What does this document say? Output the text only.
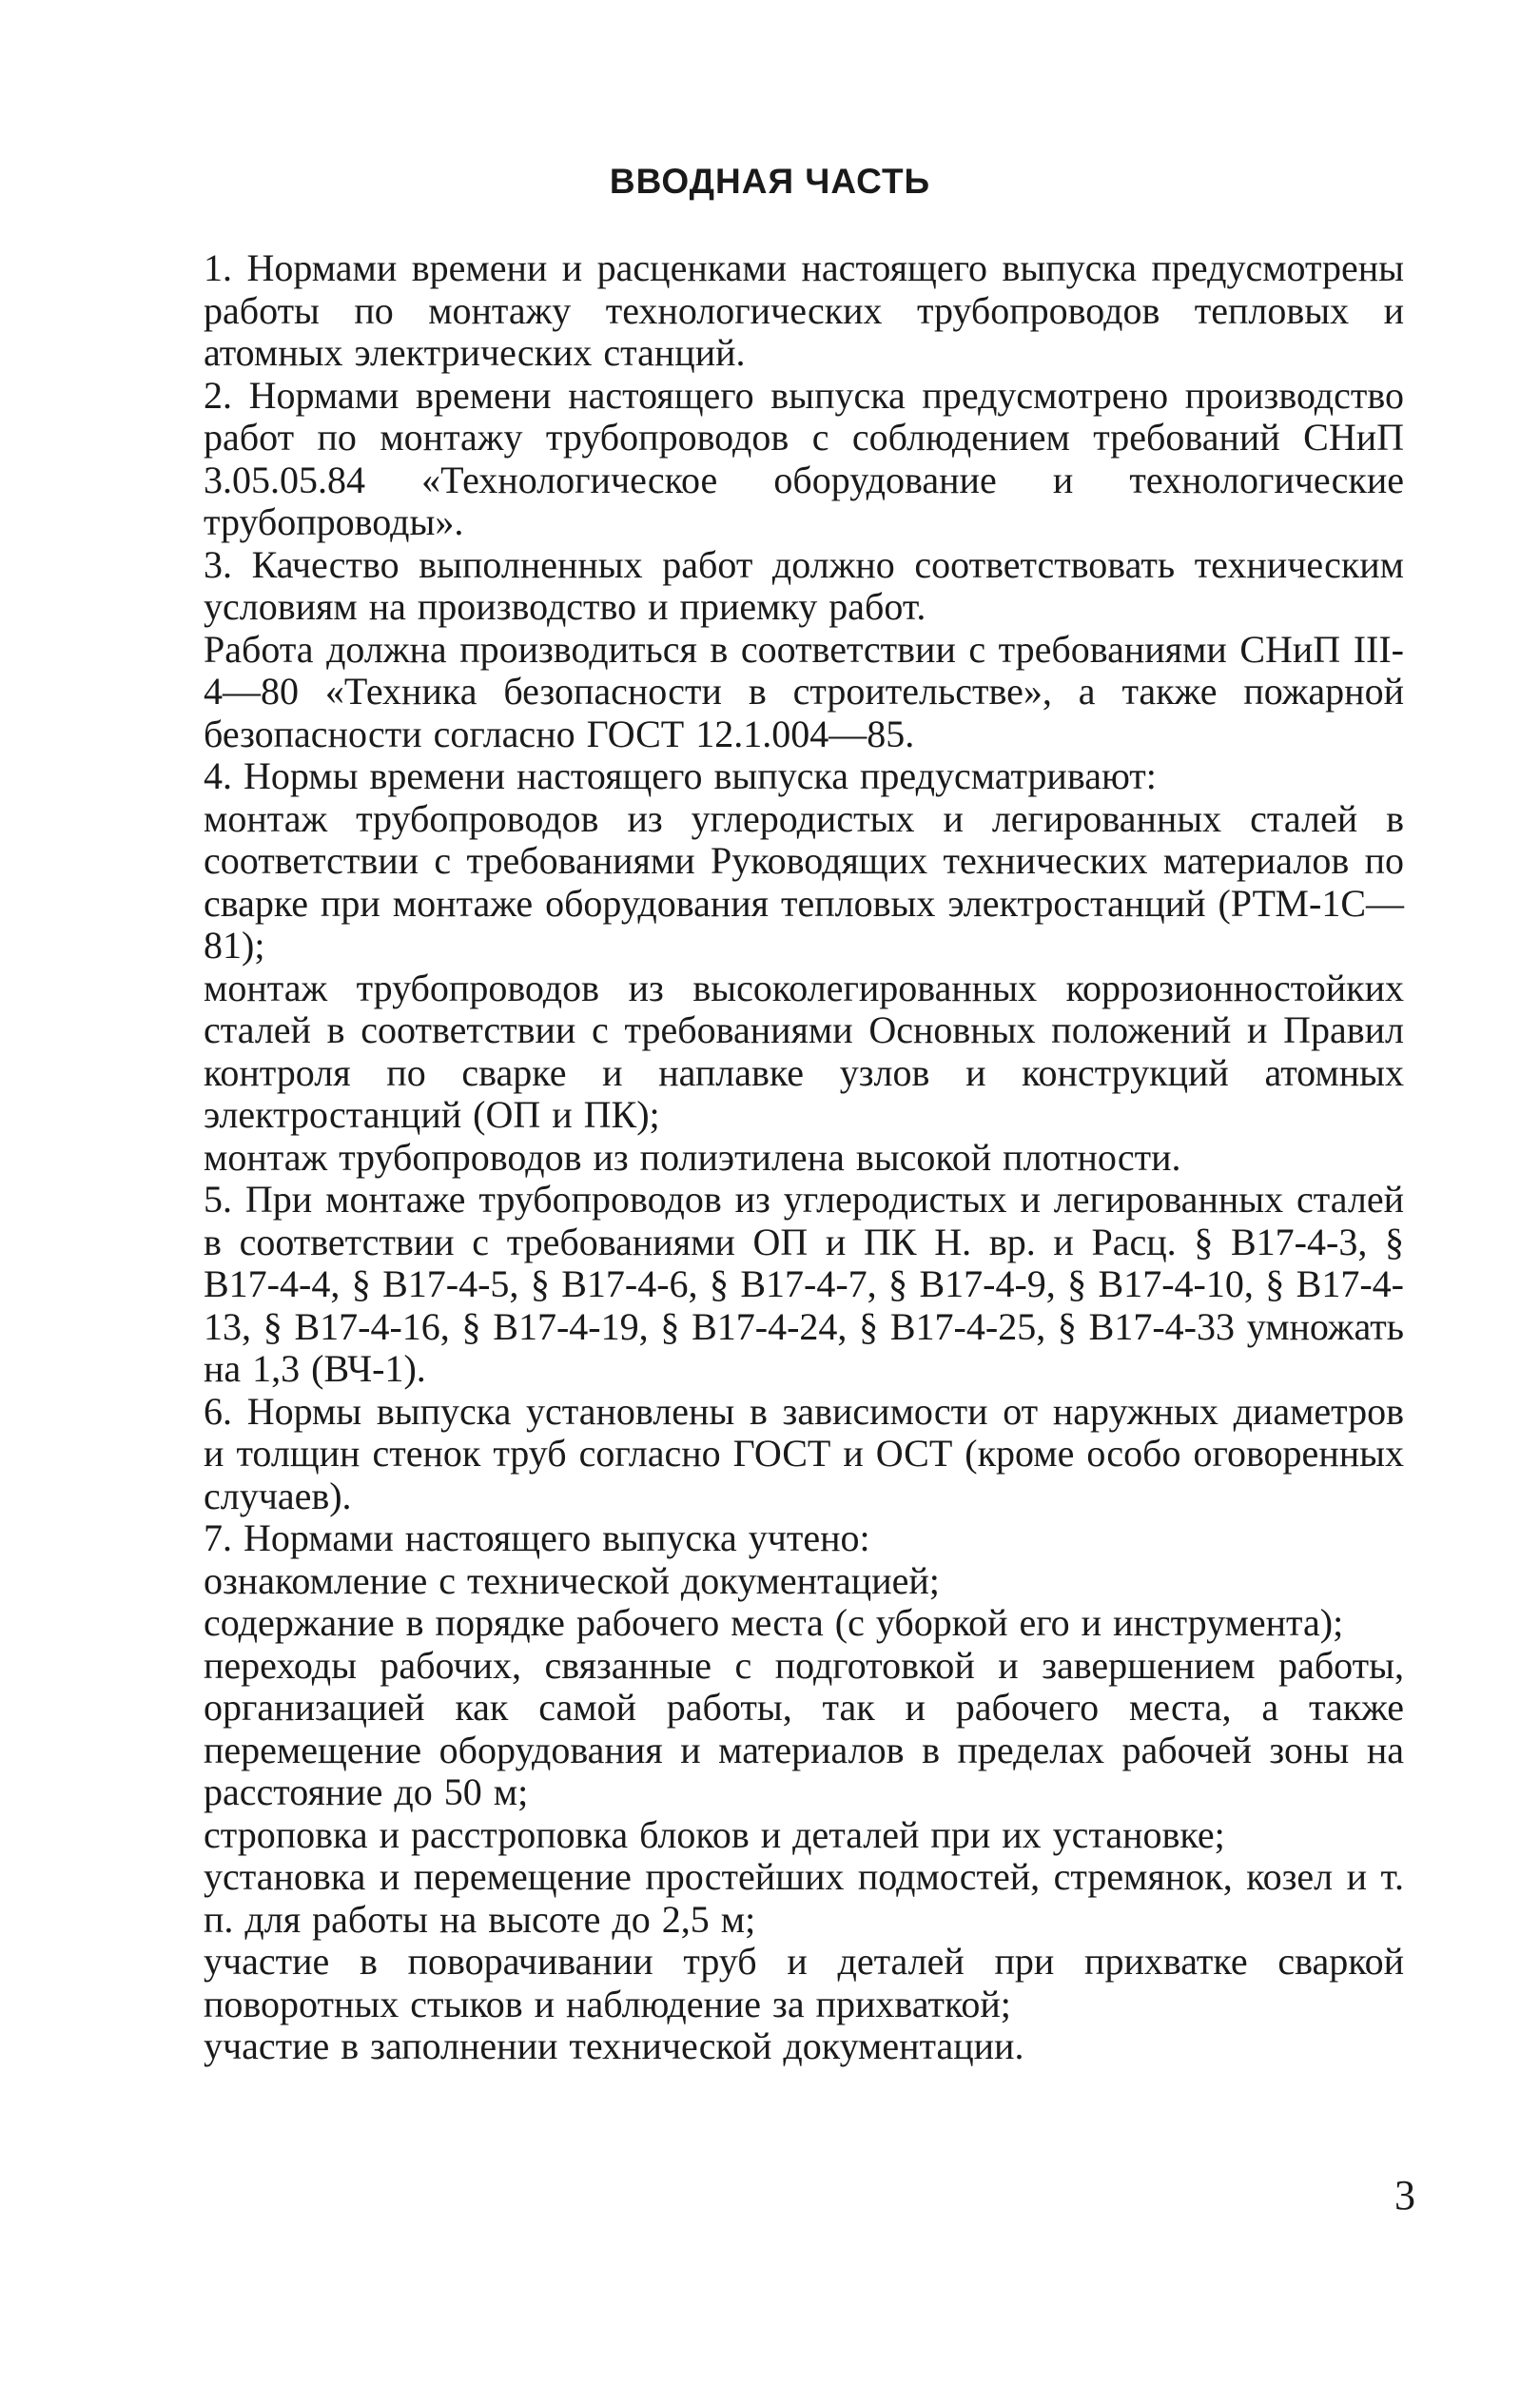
ВВОДНАЯ ЧАСТЬ

1. Нормами времени и расценками настоящего выпуска предусмотрены работы по монтажу технологических трубопроводов тепловых и атомных электрических станций.

2. Нормами времени настоящего выпуска предусмотрено производство работ по монтажу трубопроводов с соблюдением требований СНиП 3.05.05.84 «Технологическое оборудование и технологические трубопроводы».

3. Качество выполненных работ должно соответствовать техническим условиям на производство и приемку работ.

Работа должна производиться в соответствии с требованиями СНиП III-4—80 «Техника безопасности в строительстве», а также пожарной безопасности согласно ГОСТ 12.1.004—85.

4. Нормы времени настоящего выпуска предусматривают:

монтаж трубопроводов из углеродистых и легированных сталей в соответствии с требованиями Руководящих технических материалов по сварке при монтаже оборудования тепловых электростанций (РТМ-1С—81);

монтаж трубопроводов из высоколегированных коррозионностойких сталей в соответствии с требованиями Основных положений и Правил контроля по сварке и наплавке узлов и конструкций атомных электростанций (ОП и ПК);

монтаж трубопроводов из полиэтилена высокой плотности.

5. При монтаже трубопроводов из углеродистых и легированных сталей в соответствии с требованиями ОП и ПК Н. вр. и Расц. § В17-4-3, § В17-4-4, § В17-4-5, § В17-4-6, § В17-4-7, § В17-4-9, § В17-4-10, § В17-4-13, § В17-4-16, § В17-4-19, § В17-4-24, § В17-4-25, § В17-4-33 умножать на 1,3 (ВЧ-1).

6. Нормы выпуска установлены в зависимости от наружных диаметров и толщин стенок труб согласно ГОСТ и ОСТ (кроме особо оговоренных случаев).

7. Нормами настоящего выпуска учтено:

ознакомление с технической документацией;

содержание в порядке рабочего места (с уборкой его и инструмента);

переходы рабочих, связанные с подготовкой и завершением работы, организацией как самой работы, так и рабочего места, а также перемещение оборудования и материалов в пределах рабочей зоны на расстояние до 50 м;

строповка и расстроповка блоков и деталей при их установке;

установка и перемещение простейших подмостей, стремянок, козел и т. п. для работы на высоте до 2,5 м;

участие в поворачивании труб и деталей при прихватке сваркой поворотных стыков и наблюдение за прихваткой;

участие в заполнении технической документации.

3
